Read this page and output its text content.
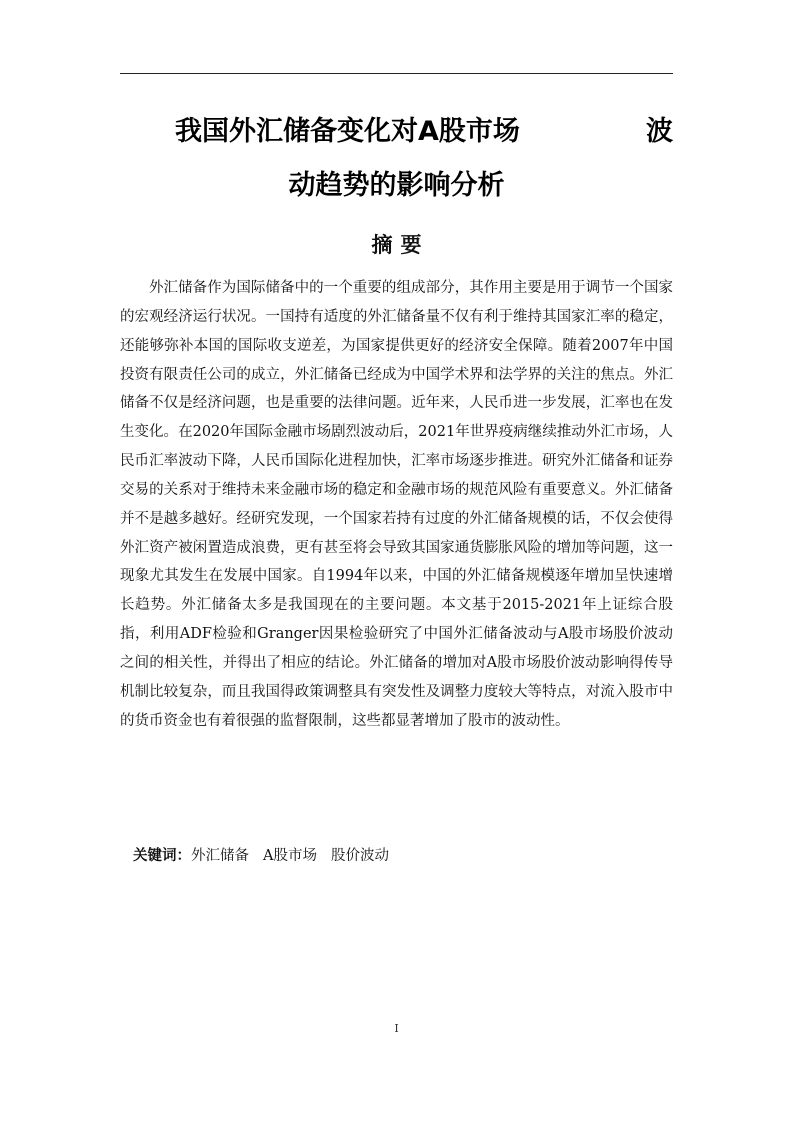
我国外汇储备变化对A股市场	波
动趋势的影响分析
摘要

外汇储备作为国际储备中的一个重要的组成部分，其作用主要是用于调节一个国家的宏观经济运行状况。一国持有适度的外汇储备量不仅有利于维持其国家汇率的稳定，还能够弥补本国的国际收支逆差，为国家提供更好的经济安全保障。随着2007年中国投资有限责任公司的成立，外汇储备已经成为中国学术界和法学界的关注的焦点。外汇储备不仅是经济问题，也是重要的法律问题。近年来，人民币进一步发展，汇率也在发生变化。在2020年国际金融市场剧烈波动后，2021年世界疫病继续推动外汇市场，人民币汇率波动下降，人民币国际化进程加快，汇率市场逐步推进。研究外汇储备和证券交易的关系对于维持未来金融市场的稳定和金融市场的规范风险有重要意义。外汇储备并不是越多越好。经研究发现，一个国家若持有过度的外汇储备规模的话，不仅会使得外汇资产被闲置造成浪费，更有甚至将会导致其国家通货膨胀风险的增加等问题，这一现象尤其发生在发展中国家。自1994年以来，中国的外汇储备规模逐年增加呈快速增长趋势。外汇储备太多是我国现在的主要问题。本文基于2015-2021年上证综合股指，利用ADF检验和Granger因果检验研究了中国外汇储备波动与A股市场股价波动之间的相关性，并得出了相应的结论。外汇储备的增加对A股市场股价波动影响得传导机制比较复杂，而且我国得政策调整具有突发性及调整力度较大等特点，对流入股市中的货币资金也有着很强的监督限制，这些都显著增加了股市的波动性。

关键词：外汇储备 A股市场 股价波动
I
